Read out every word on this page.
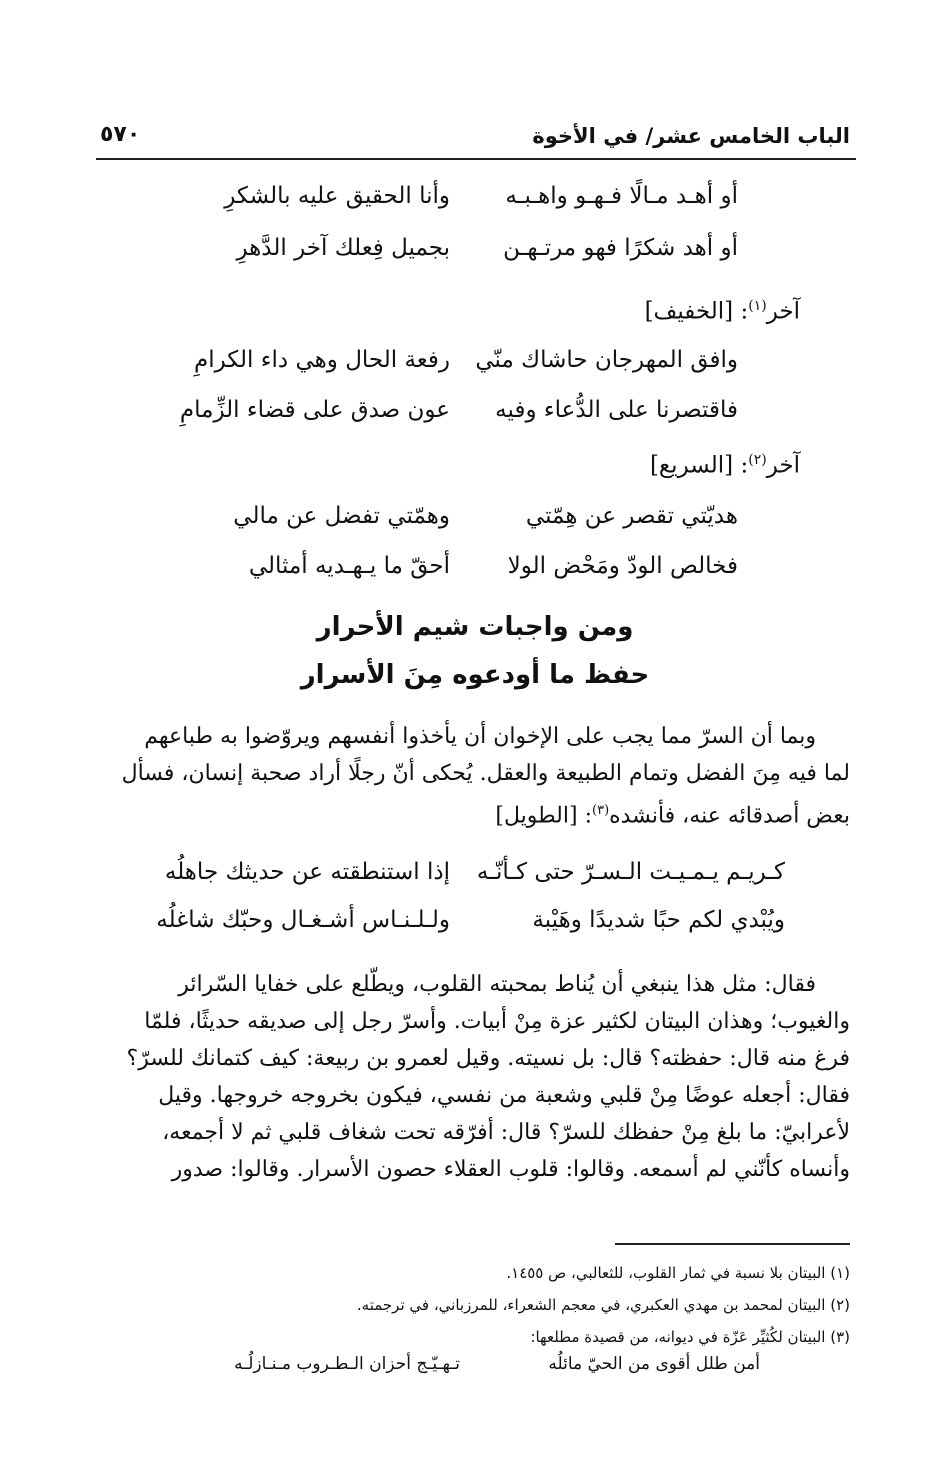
الباب الخامس عشر/ في الأخوة
٥٧٠
أو أهـد مـالًا فـهـو واهـبـه
وأنا الحقيق عليه بالشكرِ
أو أهد شكرًا فهو مرتـهـن
بجميل فِعلك آخر الدَّهرِ
آخر$^{(١)}$: [الخفيف]
وافق المهرجان حاشاك منّي
رفعة الحال وهي داء الكرامِ
فاقتصرنا على الدُّعاء وفيه
عون صدق على قضاء الزِّمامِ
آخر$^{(٢)}$: [السريع]
هديّتي تقصر عن هِمّتي
وهمّتي تفضل عن مالي
فخالص الودّ ومَحْض الولا
أحقّ ما يـهـديه أمثالي
ومن واجبات شيم الأحرار
حفظ ما أودعوه مِنَ الأسرار
وبما أن السرّ مما يجب على الإخوان أن يأخذوا أنفسهم ويروّضوا به طباعهم
لما فيه مِنَ الفضل وتمام الطبيعة والعقل. يُحكى أنّ رجلًا أراد صحبة إنسان، فسأل
بعض أصدقائه عنه، فأنشده$^{(٣)}$: [الطويل]
كـريـم يـمـيـت الـسـرّ حتى كـأنّـه
إذا استنطقته عن حديثك جاهلُه
ويُبْدي لكم حبًا شديدًا وهَيْبة
ولـلـنـاس أشـغـال وحبّك شاغلُه
فقال: مثل هذا ينبغي أن يُناط بمحبته القلوب، ويطّلع على خفايا السّرائر
والغيوب؛ وهذان البيتان لكثير عزة مِنْ أبيات. وأسرّ رجل إلى صديقه حديثًا، فلمّا
فرغ منه قال: حفظته؟ قال: بل نسيته. وقيل لعمرو بن ربيعة: كيف كتمانك للسرّ؟
فقال: أجعله عوضًا مِنْ قلبي وشعبة من نفسي، فيكون بخروجه خروجها. وقيل
لأعرابيّ: ما بلغ مِنْ حفظك للسرّ؟ قال: أفرّقه تحت شغاف قلبي ثم لا أجمعه،
وأنساه كأنّني لم أسمعه. وقالوا: قلوب العقلاء حصون الأسرار. وقالوا: صدور
(١) البيتان بلا نسبة في ثمار القلوب، للثعالبي، ص ١٤٥٥.
(٢) البيتان لمحمد بن مهدي العكبري، في معجم الشعراء، للمرزباني، في ترجمته.
(٣) البيتان لكُثيِّر عَزّة في ديوانه، من قصيدة مطلعها:
أمن طلل أقوى من الحيّ مائلُه
تـهـيّـج أحزان الـطـروب مـنـازلُـه
